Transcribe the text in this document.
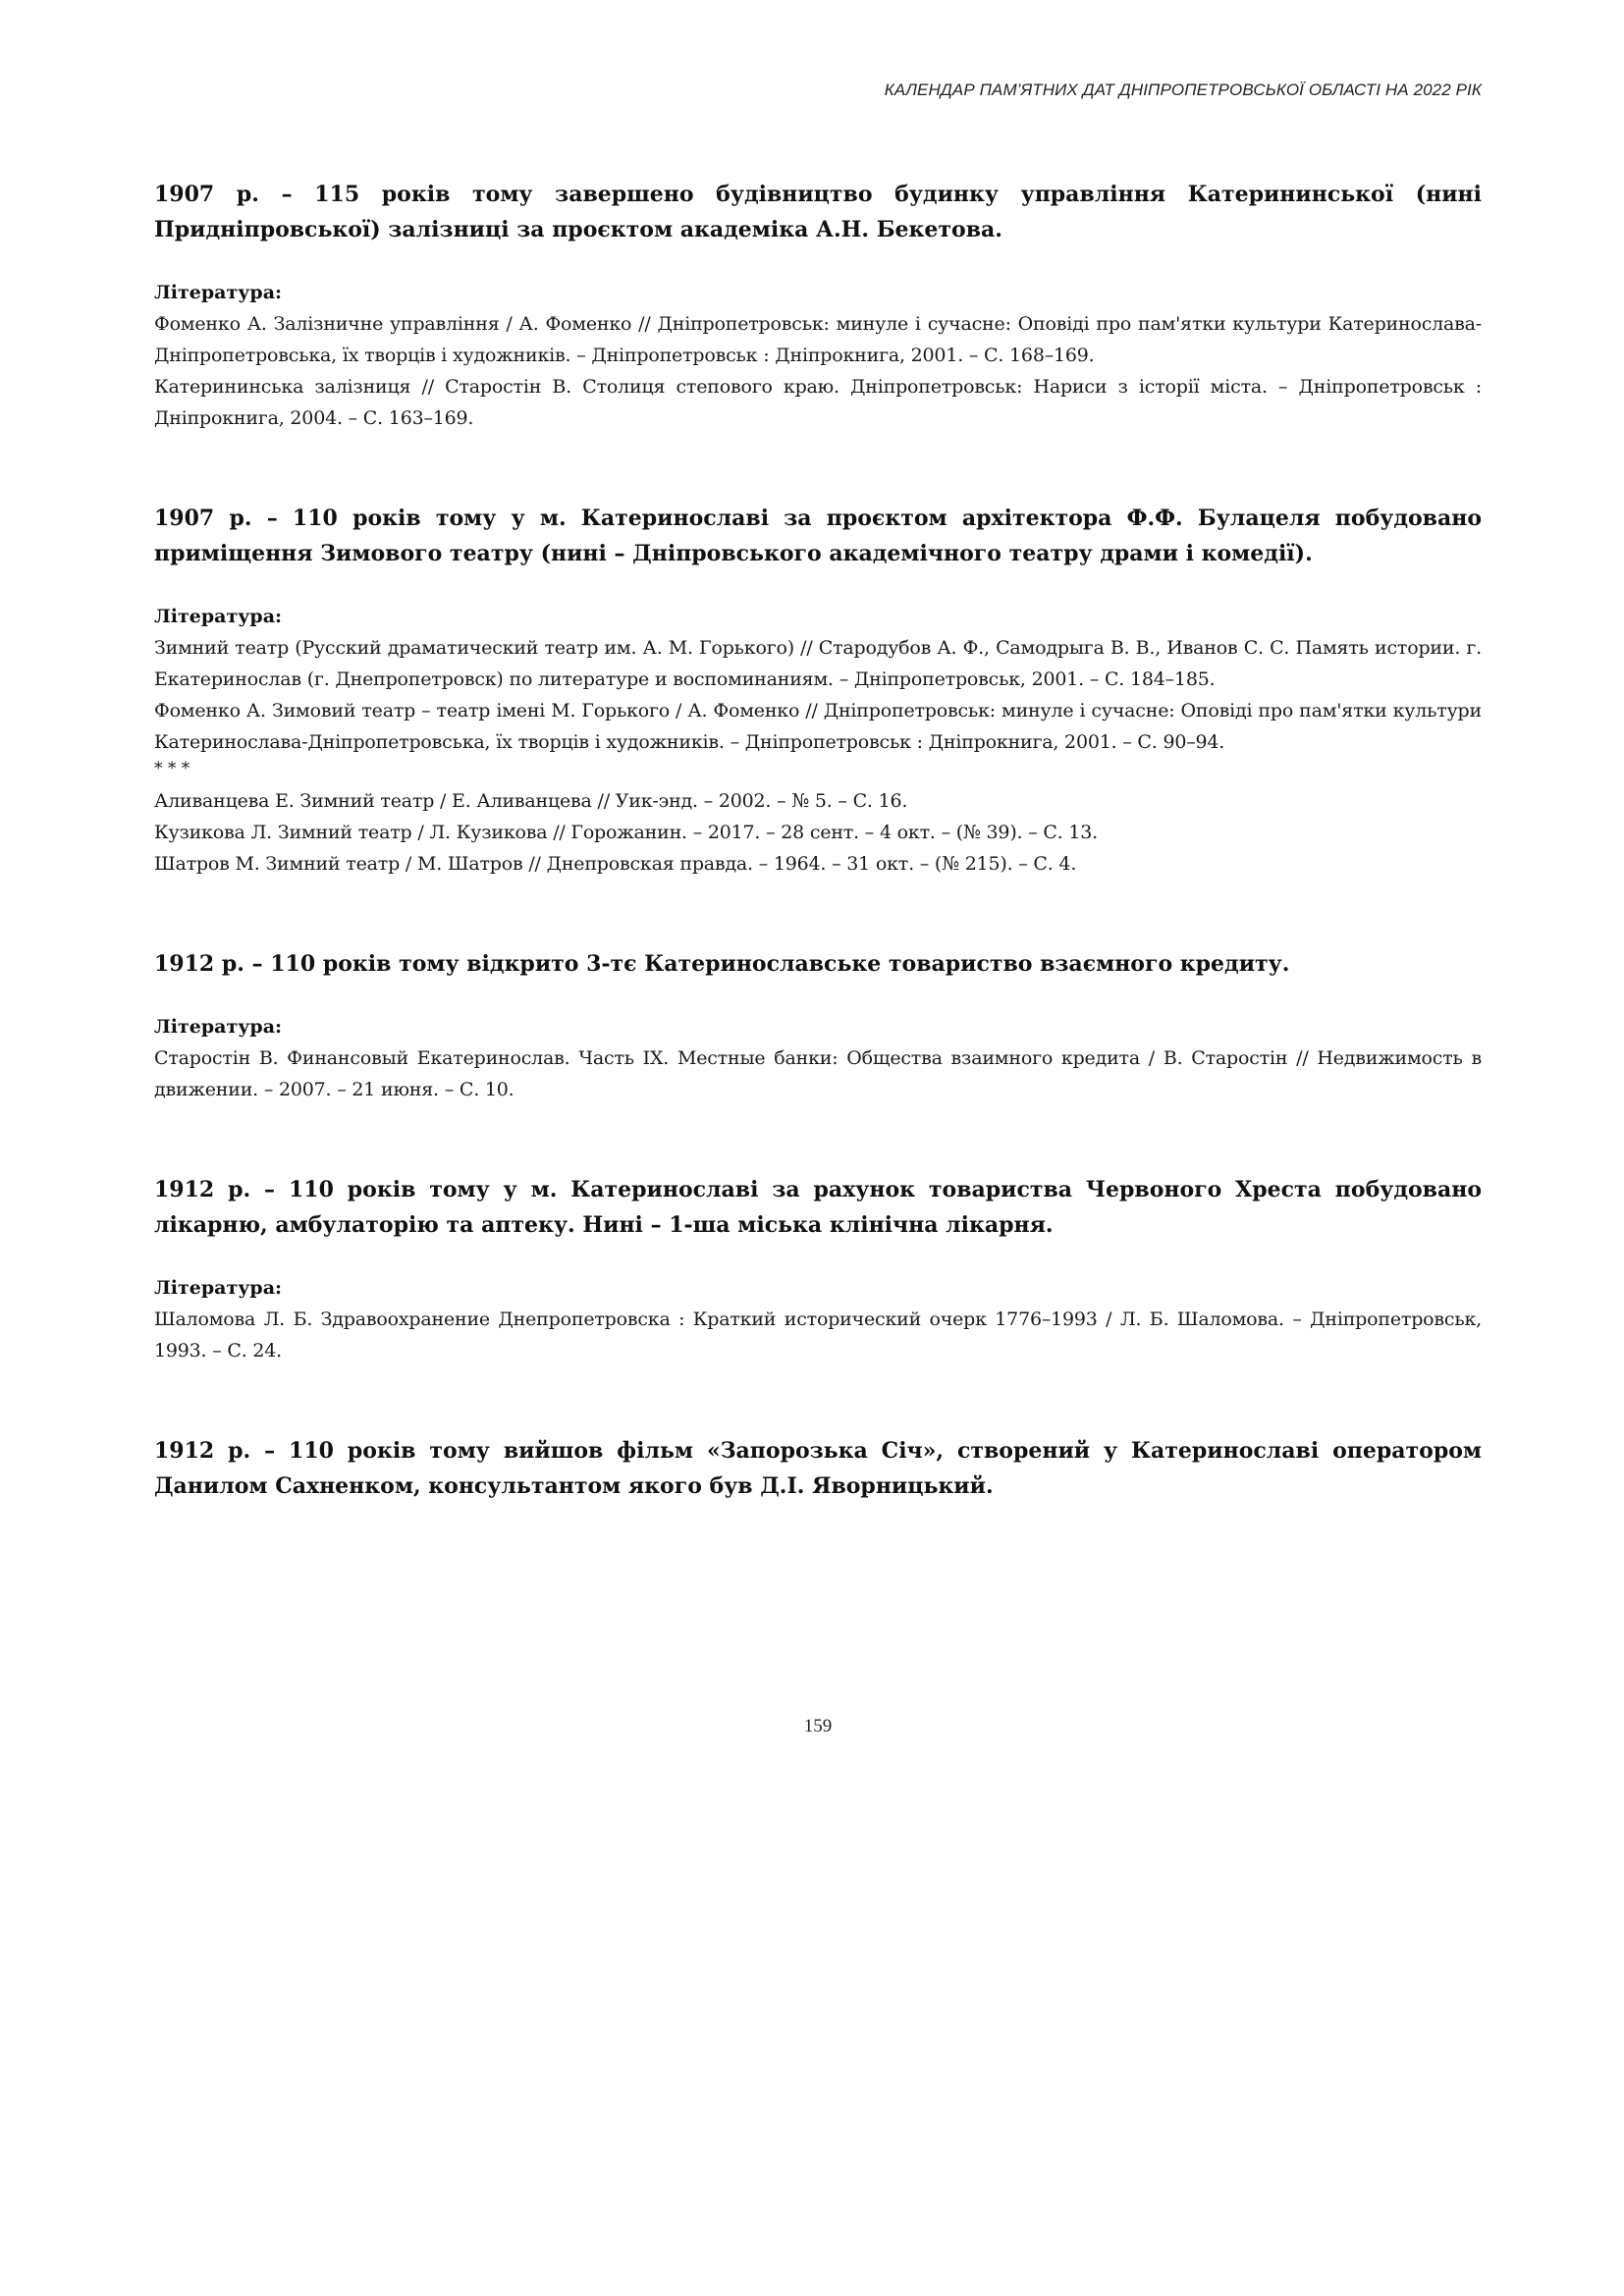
КАЛЕНДАР ПАМ’ЯТНИХ ДАТ ДНІПРОПЕТРОВСЬКОЇ ОБЛАСТІ НА 2022 РІК

1907 р. – 115 років тому завершено будівництво будинку управління Катерининської (нині Придніпровської) залізниці за проєктом академіка А.Н. Бекетова.

Література:

Фоменко А. Залізничне управління / А. Фоменко // Дніпропетровськ: минуле і сучасне: Оповіді про пам'ятки культури Катеринослава-Дніпропетровська, їх творців і художників. – Дніпропетровськ : Дніпрокнига, 2001. – С. 168–169.

Катерининська залізниця // Старостін В. Столиця степового краю. Дніпропетровськ: Нариси з історії міста. – Дніпропетровськ : Дніпрокнига, 2004. – С. 163–169.

1907 р. – 110 років тому у м. Катеринославі за проєктом архітектора Ф.Ф. Булацеля побудовано приміщення Зимового театру (нині – Дніпровського академічного театру драми і комедії).

Література:

Зимний театр (Русский драматический театр им. А. М. Горького) // Стародубов А. Ф., Самодрыга В. В., Иванов С. С. Память истории. г. Екатеринослав (г. Днепропетровск) по литературе и воспоминаниям. – Дніпропетровськ, 2001. – С. 184–185.

Фоменко А. Зимовий театр – театр імені М. Горького / А. Фоменко // Дніпропетровськ: минуле і сучасне: Оповіді про пам'ятки культури Катеринослава-Дніпропетровська, їх творців і художників. – Дніпропетровськ : Дніпрокнига, 2001. – С. 90–94.

* * *

Аливанцева Е. Зимний театр / Е. Аливанцева // Уик-энд. – 2002. – № 5. – С. 16.

Кузикова Л. Зимний театр / Л. Кузикова // Горожанин. – 2017. – 28 сент. – 4 окт. – (№ 39). – С. 13.

Шатров М. Зимний театр / М. Шатров // Днепровская правда. – 1964. – 31 окт. – (№ 215). – С. 4.

1912 р. – 110 років тому відкрито 3-тє Катеринославське товариство взаємного кредиту.

Література:

Старостін В. Финансовый Екатеринослав. Часть IX. Местные банки: Общества взаимного кредита / В. Старостін // Недвижимость в движении. – 2007. – 21 июня. – С. 10.

1912 р. – 110 років тому у м. Катеринославі за рахунок товариства Червоного Хреста побудовано лікарню, амбулаторію та аптеку. Нині – 1-ша міська клінічна лікарня.

Література:

Шаломова Л. Б. Здравоохранение Днепропетровска : Краткий исторический очерк 1776–1993 / Л. Б. Шаломова. – Дніпропетровськ, 1993. – С. 24.

1912 р. – 110 років тому вийшов фільм «Запорозька Січ», створений у Катеринославі оператором Данилом Сахненком, консультантом якого був Д.І. Яворницький.

159
